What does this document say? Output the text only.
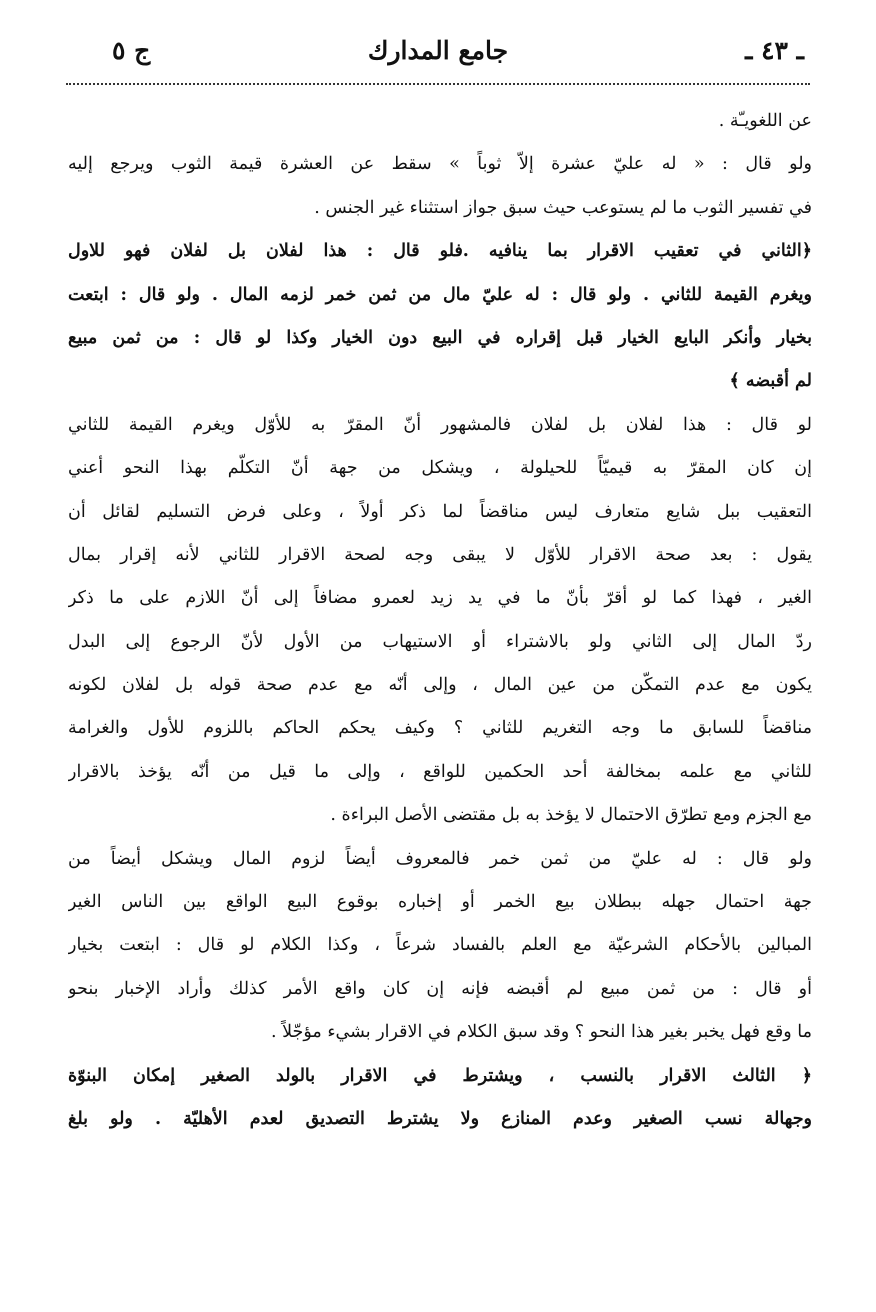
ج ٥	جامع المدارك	ـ ٤٣ ـ
عن اللغويـّة .
ولو قال : « له عليّ عشرة إلاّ ثوباً » سقط عن العشرة قيمة الثوب ويرجع إليه
في تفسير الثوب ما لم يستوعب حيث سبق جواز استثناء غير الجنس .
﴿الثاني في تعقيب الاقرار بما ينافيه .فلو قال : هذا لفلان بل لفلان فهو للاول
ويغرم القيمة للثاني . ولو قال : له عليّ مال من ثمن خمر لزمه المال . ولو قال : ابتعت
بخيار وأنكر البايع الخيار قبل إقراره في البيع دون الخيار وكذا لو قال : من ثمن مبيع
لم أقبضه ﴾
لو قال : هذا لفلان بل لفلان فالمشهور أنّ المقرّ به للأوّل ويغرم القيمة للثاني
إن كان المقرّ به قيميّاً للحيلولة ، ويشكل من جهة أنّ التكلّم بهذا النحو أعني
التعقيب ببل شايع متعارف ليس مناقضاً لما ذكر أولاً ، وعلى فرض التسليم لقائل أن
يقول : بعد صحة الاقرار للأوّل لا يبقى وجه لصحة الاقرار للثاني لأنه إقرار بمال
الغير ، فهذا كما لو أقرّ بأنّ ما في يد زيد لعمرو مضافاً إلى أنّ اللازم على ما ذكر
ردّ المال إلى الثاني ولو بالاشتراء أو الاستيهاب من الأول لأنّ الرجوع إلى البدل
يكون مع عدم التمكّن من عين المال ، وإلى أنّه مع عدم صحة قوله بل لفلان لكونه
مناقضاً للسابق ما وجه التغريم للثاني ؟ وكيف يحكم الحاكم باللزوم للأول والغرامة
للثاني مع علمه بمخالفة أحد الحكمين للواقع ، وإلى ما قيل من أنّه يؤخذ بالاقرار
مع الجزم ومع تطرّق الاحتمال لا يؤخذ به بل مقتضى الأصل البراءة .
ولو قال : له عليّ من ثمن خمر فالمعروف أيضاً لزوم المال ويشكل أيضاً من
جهة احتمال جهله ببطلان بيع الخمر أو إخباره بوقوع البيع الواقع بين الناس الغير
المبالين بالأحكام الشرعيّة مع العلم بالفساد شرعاً ، وكذا الكلام لو قال : ابتعت بخيار
أو قال : من ثمن مبيع لم أقبضه فإنه إن كان واقع الأمر كذلك وأراد الإخبار بنحو
ما وقع فهل يخبر بغير هذا النحو ؟ وقد سبق الكلام في الاقرار بشيء مؤجّلاً .
﴿ الثالث الاقرار بالنسب ، ويشترط في الاقرار بالولد الصغير إمكان البنوّة
وجهالة نسب الصغير وعدم المنازع ولا يشترط التصديق لعدم الأهليّة . ولو بلغ
